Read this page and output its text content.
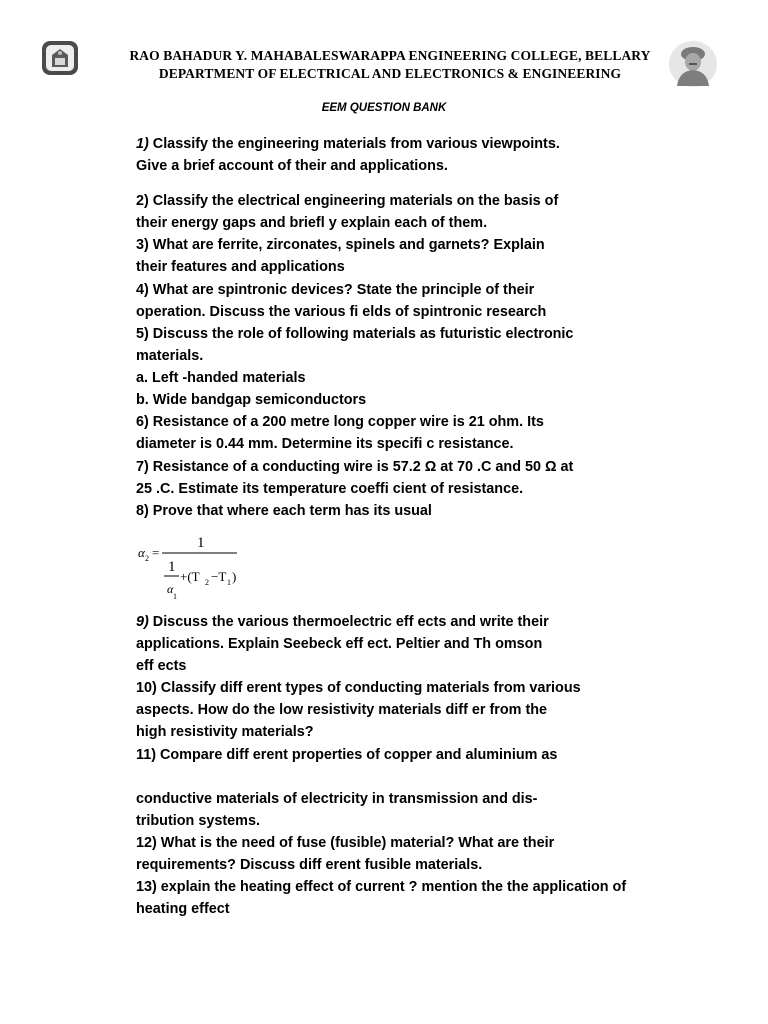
RAO BAHADUR Y. MAHABALESWARAPPA ENGINEERING COLLEGE, BELLARY
DEPARTMENT OF ELECTRICAL AND ELECTRONICS & ENGINEERING
EEM QUESTION BANK
1) Classify the engineering materials from various viewpoints.
Give a brief account of their and applications.
2) Classify the electrical engineering materials on the basis of
their energy gaps and briefl y explain each of them.
3) What are ferrite, zirconates, spinels and garnets? Explain
their features and applications
4) What are spintronic devices? State the principle of their
operation. Discuss the various fi elds of spintronic research
5) Discuss the role of following materials as futuristic electronic
materials.
a. Left -handed materials
b. Wide bandgap semiconductors
6) Resistance of a 200 metre long copper wire is 21 ohm. Its
diameter is 0.44 mm. Determine its specifi c resistance.
7) Resistance of a conducting wire is 57.2 Ω at 70 .C and 50 Ω at
25 .C. Estimate its temperature coeffi cient of resistance.
8) Prove that where each term has its usual
α 2 =
1
1
α
1
+(T 2 −T 1 )
9) Discuss the various thermoelectric eff ects and write their
applications. Explain Seebeck eff ect. Peltier and Th omson
eff ects
10) Classify diff erent types of conducting materials from various
aspects. How do the low resistivity materials diff er from the
high resistivity materials?
11) Compare diff erent properties of copper and aluminium as
conductive materials of electricity in transmission and dis-
tribution systems.
12) What is the need of fuse (fusible) material? What are their
requirements? Discuss diff erent fusible materials.
13) explain the heating effect of current ? mention the the application of
heating effect
